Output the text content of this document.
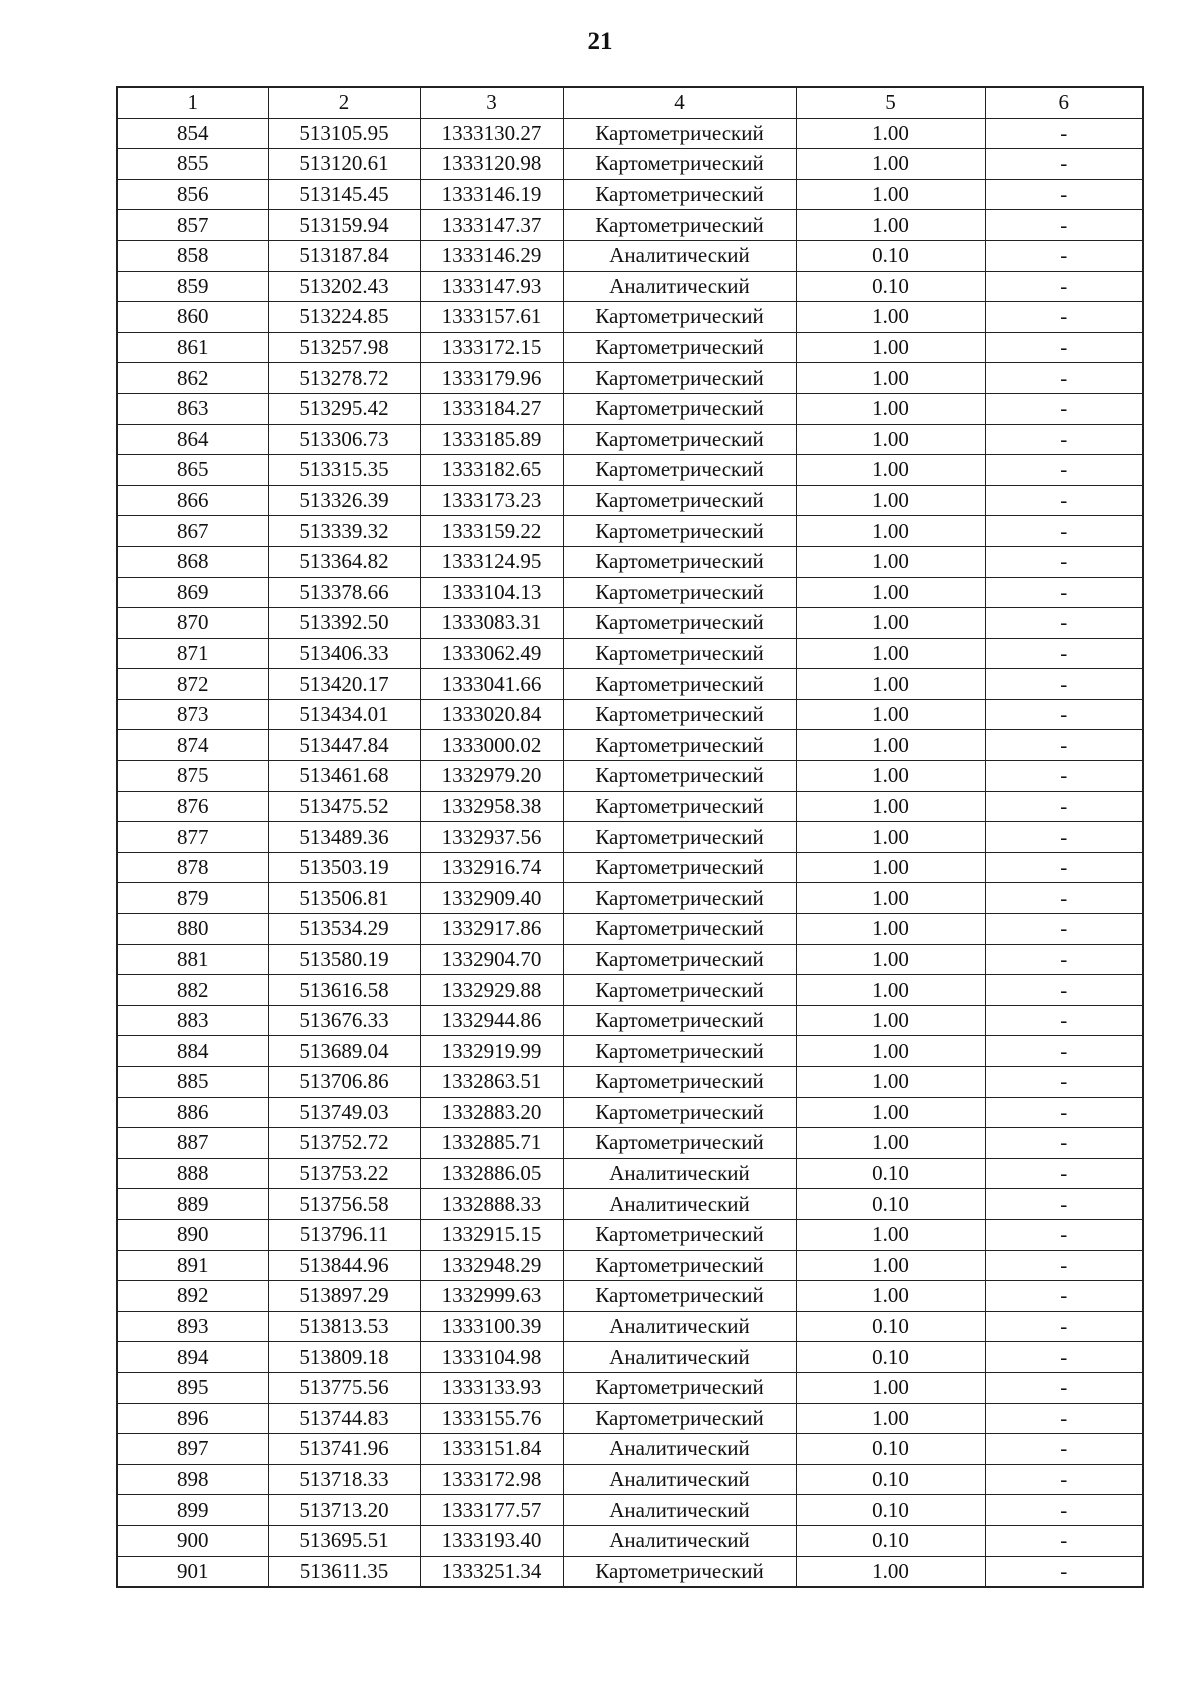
21
1	2	3	4	5	6
854	513105.95	1333130.27	Картометрический	1.00	-
855	513120.61	1333120.98	Картометрический	1.00	-
856	513145.45	1333146.19	Картометрический	1.00	-
857	513159.94	1333147.37	Картометрический	1.00	-
858	513187.84	1333146.29	Аналитический	0.10	-
859	513202.43	1333147.93	Аналитический	0.10	-
860	513224.85	1333157.61	Картометрический	1.00	-
861	513257.98	1333172.15	Картометрический	1.00	-
862	513278.72	1333179.96	Картометрический	1.00	-
863	513295.42	1333184.27	Картометрический	1.00	-
864	513306.73	1333185.89	Картометрический	1.00	-
865	513315.35	1333182.65	Картометрический	1.00	-
866	513326.39	1333173.23	Картометрический	1.00	-
867	513339.32	1333159.22	Картометрический	1.00	-
868	513364.82	1333124.95	Картометрический	1.00	-
869	513378.66	1333104.13	Картометрический	1.00	-
870	513392.50	1333083.31	Картометрический	1.00	-
871	513406.33	1333062.49	Картометрический	1.00	-
872	513420.17	1333041.66	Картометрический	1.00	-
873	513434.01	1333020.84	Картометрический	1.00	-
874	513447.84	1333000.02	Картометрический	1.00	-
875	513461.68	1332979.20	Картометрический	1.00	-
876	513475.52	1332958.38	Картометрический	1.00	-
877	513489.36	1332937.56	Картометрический	1.00	-
878	513503.19	1332916.74	Картометрический	1.00	-
879	513506.81	1332909.40	Картометрический	1.00	-
880	513534.29	1332917.86	Картометрический	1.00	-
881	513580.19	1332904.70	Картометрический	1.00	-
882	513616.58	1332929.88	Картометрический	1.00	-
883	513676.33	1332944.86	Картометрический	1.00	-
884	513689.04	1332919.99	Картометрический	1.00	-
885	513706.86	1332863.51	Картометрический	1.00	-
886	513749.03	1332883.20	Картометрический	1.00	-
887	513752.72	1332885.71	Картометрический	1.00	-
888	513753.22	1332886.05	Аналитический	0.10	-
889	513756.58	1332888.33	Аналитический	0.10	-
890	513796.11	1332915.15	Картометрический	1.00	-
891	513844.96	1332948.29	Картометрический	1.00	-
892	513897.29	1332999.63	Картометрический	1.00	-
893	513813.53	1333100.39	Аналитический	0.10	-
894	513809.18	1333104.98	Аналитический	0.10	-
895	513775.56	1333133.93	Картометрический	1.00	-
896	513744.83	1333155.76	Картометрический	1.00	-
897	513741.96	1333151.84	Аналитический	0.10	-
898	513718.33	1333172.98	Аналитический	0.10	-
899	513713.20	1333177.57	Аналитический	0.10	-
900	513695.51	1333193.40	Аналитический	0.10	-
901	513611.35	1333251.34	Картометрический	1.00	-
